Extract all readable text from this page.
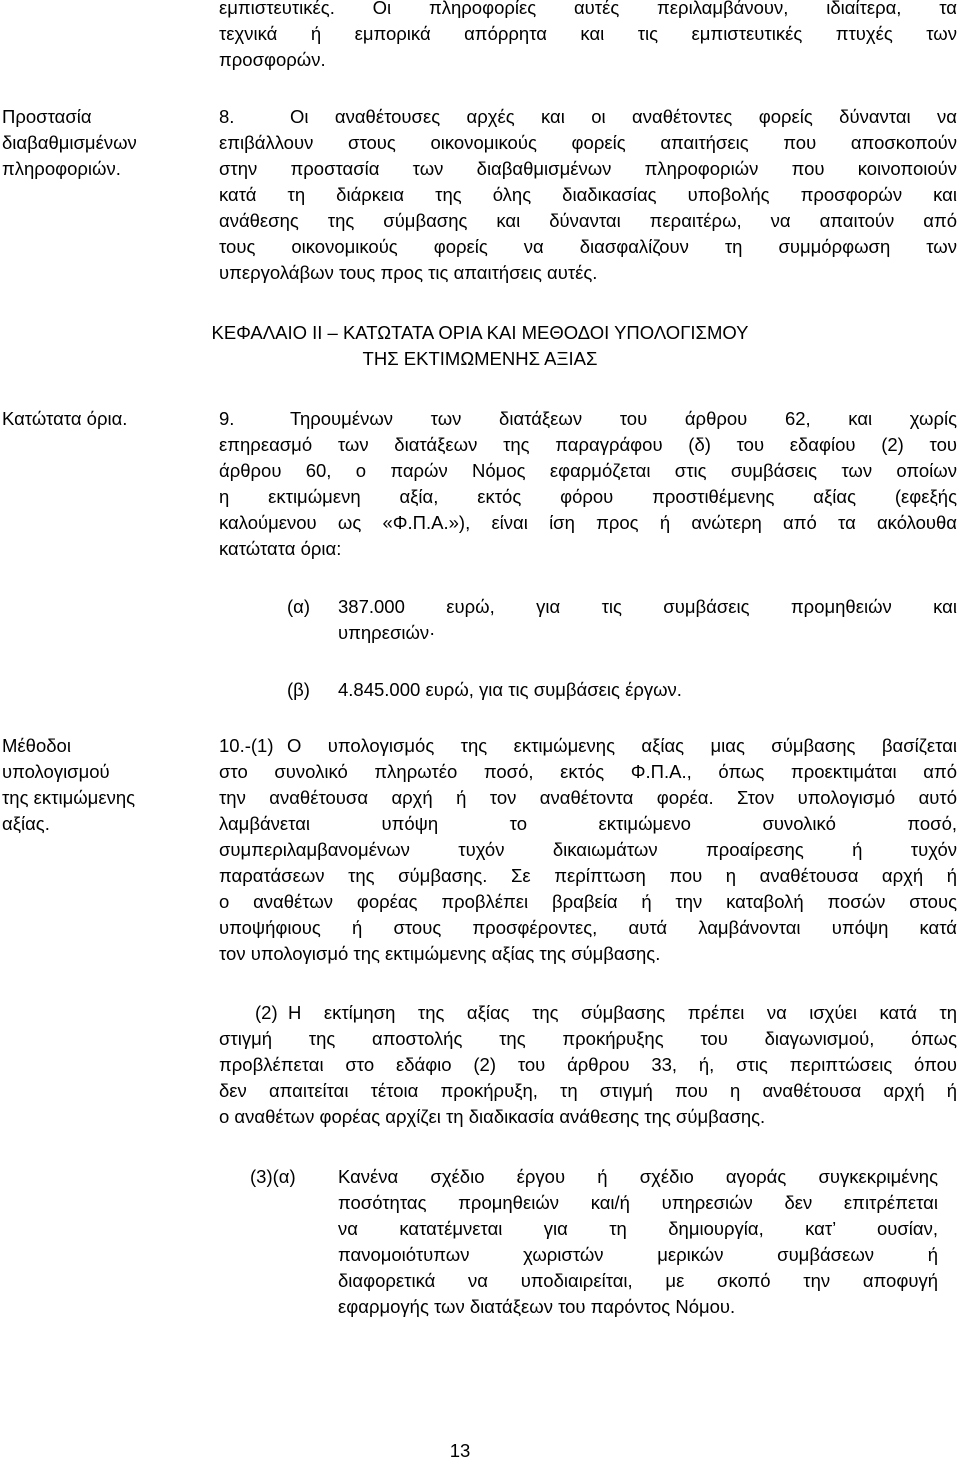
εμπιστευτικές. Οι πληροφορίες αυτές περιλαμβάνουν, ιδιαίτερα, τα
τεχνικά ή εμπορικά απόρρητα και τις εμπιστευτικές πτυχές των
προσφορών.
Προστασία
διαβαθμισμένων
πληροφοριών.
8.	Οι αναθέτουσες αρχές και οι αναθέτοντες φορείς δύνανται να
επιβάλλουν στους οικονομικούς φορείς απαιτήσεις που αποσκοπούν
στην προστασία των διαβαθμισμένων πληροφοριών που κοινοποιούν
κατά τη διάρκεια της όλης διαδικασίας υποβολής προσφορών και
ανάθεσης της σύμβασης και δύνανται περαιτέρω, να απαιτούν από
τους οικονομικούς φορείς να διασφαλίζουν τη συμμόρφωση των
υπεργολάβων τους προς τις απαιτήσεις αυτές.
ΚΕΦΑΛΑΙΟ ΙΙ – ΚΑΤΩΤΑΤΑ ΟΡΙΑ ΚΑΙ ΜΕΘΟΔΟΙ ΥΠΟΛΟΓΙΣΜΟΥ
ΤΗΣ ΕΚΤΙΜΩΜΕΝΗΣ ΑΞΙΑΣ
Κατώτατα όρια.	9.	Τηρουμένων των διατάξεων του άρθρου 62, και χωρίς
επηρεασμό των διατάξεων της παραγράφου (δ) του εδαφίου (2) του
άρθρου 60, ο παρών Νόμος εφαρμόζεται στις συμβάσεις των οποίων
η εκτιμώμενη αξία, εκτός φόρου προστιθέμενης αξίας (εφεξής
καλούμενου ως «Φ.Π.Α.»), είναι ίση προς ή ανώτερη από τα ακόλουθα
κατώτατα όρια:
(α) 387.000 ευρώ, για τις συμβάσεις προμηθειών και
υπηρεσιών·
(β) 4.845.000 ευρώ, για τις συμβάσεις έργων.
Μέθοδοι
υπολογισμού
της εκτιμώμενης
αξίας.
10.-(1) Ο υπολογισμός της εκτιμώμενης αξίας μιας σύμβασης βασίζεται
στο συνολικό πληρωτέο ποσό, εκτός Φ.Π.Α., όπως προεκτιμάται από
την αναθέτουσα αρχή ή τον αναθέτοντα φορέα. Στον υπολογισμό αυτό
λαμβάνεται υπόψη το εκτιμώμενο συνολικό ποσό,
συμπεριλαμβανομένων τυχόν δικαιωμάτων προαίρεσης ή τυχόν
παρατάσεων της σύμβασης. Σε περίπτωση που η αναθέτουσα αρχή ή
ο αναθέτων φορέας προβλέπει βραβεία ή την καταβολή ποσών στους
υποψήφιους ή στους προσφέροντες, αυτά λαμβάνονται υπόψη κατά
τον υπολογισμό της εκτιμώμενης αξίας της σύμβασης.
(2) Η εκτίμηση της αξίας της σύμβασης πρέπει να ισχύει κατά τη
στιγμή της αποστολής της προκήρυξης του διαγωνισμού, όπως
προβλέπεται στο εδάφιο (2) του άρθρου 33, ή, στις περιπτώσεις όπου
δεν απαιτείται τέτοια προκήρυξη, τη στιγμή που η αναθέτουσα αρχή ή
ο αναθέτων φορέας αρχίζει τη διαδικασία ανάθεσης της σύμβασης.
(3)(α) Κανένα σχέδιο έργου ή σχέδιο αγοράς συγκεκριμένης
ποσότητας προμηθειών και/ή υπηρεσιών δεν επιτρέπεται
να κατατέμνεται για τη δημιουργία, κατ’ ουσίαν,
πανομοιότυπων χωριστών μερικών συμβάσεων ή
διαφορετικά να υποδιαιρείται, με σκοπό την αποφυγή
εφαρμογής των διατάξεων του παρόντος Νόμου.
13
